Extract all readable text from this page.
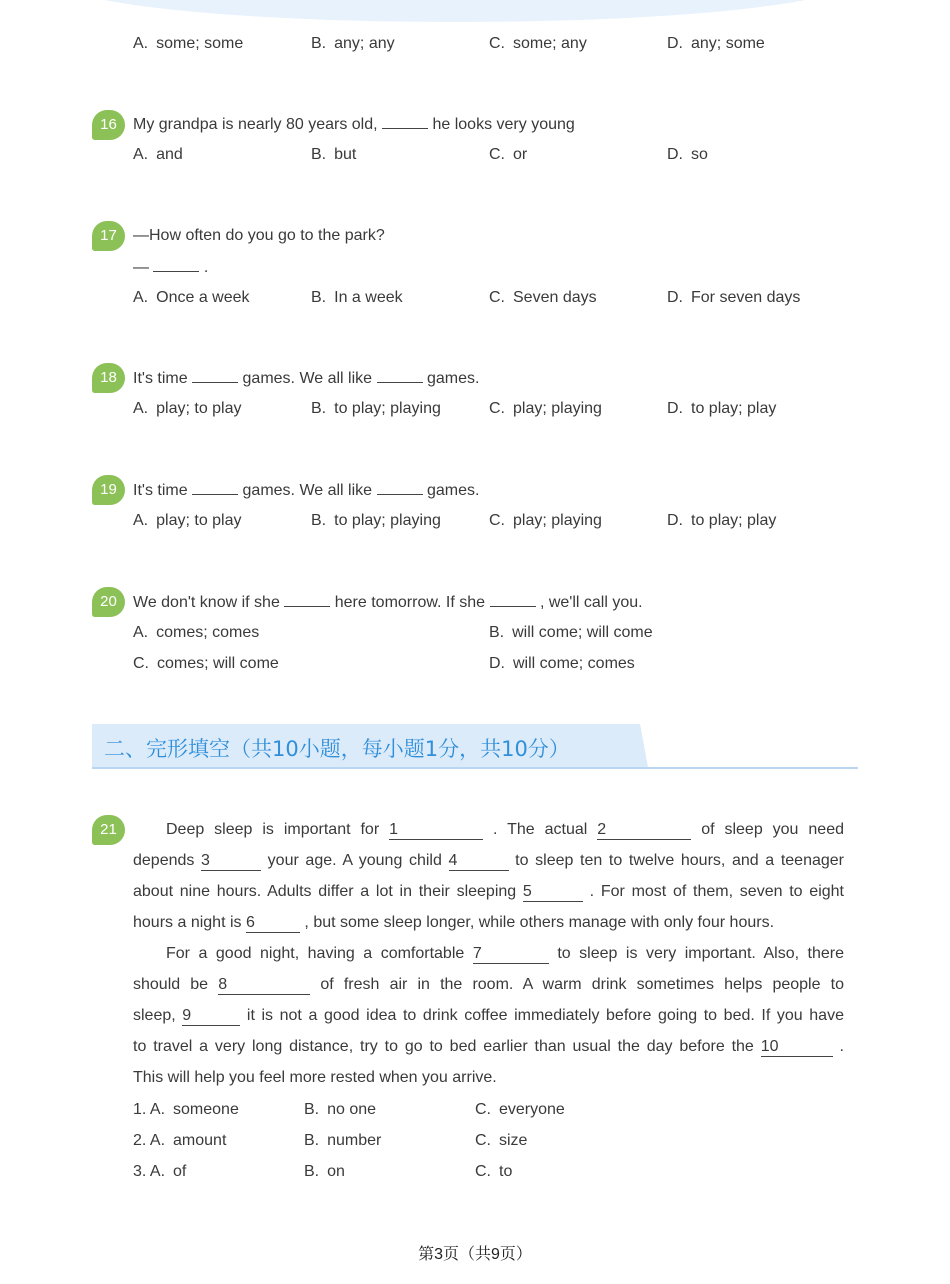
A. some; some	B. any; any	C. some; any	D. any; some
16	My grandpa is nearly 80 years old,	he looks very young
A. and	B. but	C. or	D. so
17	—How often do you go to the park?
—	.
A. Once a week	B. In a week	C. Seven days	D. For seven days
18	It's time	games. We all like	games.
A. play; to play	B. to play; playing	C. play; playing	D. to play; play
19	It's time	games. We all like	games.
A. play; to play	B. to play; playing	C. play; playing	D. to play; play
20	We don't know if she	here tomorrow. If she	, we'll call you.
A. comes; comes	B. will come; will come
C. comes; will come	D. will come; comes
二、完形填空（共10小题，每小题1分，共10分）
21	Deep sleep is important for 1	. The actual 2	of sleep you need
depends 3	your age. A young child 4	to sleep ten to twelve hours, and a teenager
about nine hours. Adults differ a lot in their sleeping 5	. For most of them, seven to eight
hours a night is 6	, but some sleep longer, while others manage with only four hours.
For a good night, having a comfortable 7	to sleep is very important. Also, there
should be 8	of fresh air in the room. A warm drink sometimes helps people to
sleep, 9	it is not a good idea to drink coffee immediately before going to bed. If you have
to travel a very long distance, try to go to bed earlier than usual the day before the 10	.
This will help you feel more rested when you arrive.
1. A. someone	B. no one	C. everyone
2. A. amount	B. number	C. size
3. A. of	B. on	C. to
第3页（共9页）
